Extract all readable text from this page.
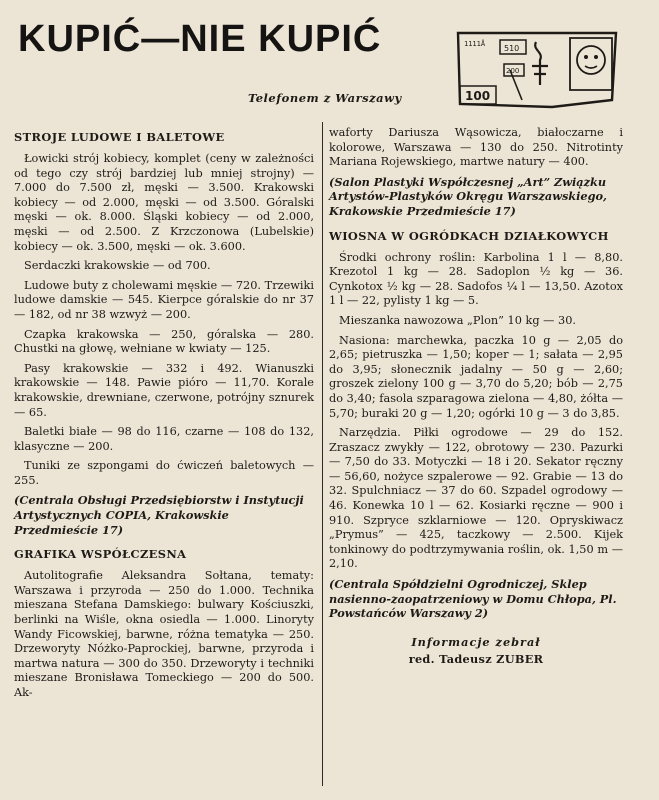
KUPIĆ—NIE KUPIĆ	1111Å 510
200
100
Telefonem z Warszawy
STROJE LUDOWE I BALETOWE

Łowicki strój kobiecy, komplet (ceny w zależności od tego czy strój bardziej lub mniej strojny) — 7.000 do 7.500 zł, męski — 3.500. Krakowski kobiecy — od 2.000, męski — od 3.500. Góralski męski — ok. 8.000. Śląski kobiecy — od 2.000, męski — od 2.500. Z Krzczonowa (Lubelskie) kobiecy — ok. 3.500, męski — ok. 3.600.

Serdaczki krakowskie — od 700.

Ludowe buty z cholewami męskie — 720. Trzewiki ludowe damskie — 545. Kierpce góralskie do nr 37 — 182, od nr 38 wzwyż — 200.

Czapka krakowska — 250, góralska — 280. Chustki na głowę, wełniane w kwiaty — 125.

Pasy krakowskie — 332 i 492. Wianuszki krakowskie — 148. Pawie pióro — 11,70. Korale krakowskie, drewniane, czerwone, potrójny sznurek — 65.

Baletki białe — 98 do 116, czarne — 108 do 132, klasyczne — 200.

Tuniki ze szpongami do ćwiczeń baletowych — 255.

(Centrala Obsługi Przedsiębiorstw i Instytucji Artystycznych COPIA, Krakowskie Przedmieście 17)

GRAFIKA WSPÓŁCZESNA

Autolitografie Aleksandra Sołtana, tematy: Warszawa i przyroda — 250 do 1.000. Technika mieszana Stefana Damskiego: bulwary Kościuszki, berlinki na Wiśle, okna osiedla — 1.000. Linoryty Wandy Ficowskiej, barwne, różna tematyka — 250. Drzeworyty Nóżko-Paprockiej, barwne, przyroda i martwa natura — 300 do 350. Drzeworyty i techniki mieszane Bronisława Tomeckiego — 200 do 500. Ak-

waforty Dariusza Wąsowicza, białoczarne i kolorowe, Warszawa — 130 do 250. Nitrotinty Mariana Rojewskiego, martwe natury — 400.

(Salon Plastyki Współczesnej „Art” Związku Artystów-Plastyków Okręgu Warszawskiego, Krakowskie Przedmieście 17)

WIOSNA W OGRÓDKACH DZIAŁKOWYCH

Środki ochrony roślin: Karbolina 1 l — 8,80. Krezotol 1 kg — 28. Sadoplon ½ kg — 36. Cynkotox ½ kg — 28. Sadofos ¼ l — 13,50. Azotox 1 l — 22, pylisty 1 kg — 5.

Mieszanka nawozowa „Plon” 10 kg — 30.

Nasiona: marchewka, paczka 10 g — 2,05 do 2,65; pietruszka — 1,50; koper — 1; sałata — 2,95 do 3,95; słonecznik jadalny — 50 g — 2,60; groszek zielony 100 g — 3,70 do 5,20; bób — 2,75 do 3,40; fasola szparagowa zielona — 4,80, żółta — 5,70; buraki 20 g — 1,20; ogórki 10 g — 3 do 3,85.

Narzędzia. Piłki ogrodowe — 29 do 152. Zraszacz zwykły — 122, obrotowy — 230. Pazurki — 7,50 do 33. Motyczki — 18 i 20. Sekator ręczny — 56,60, nożyce szpalerowe — 92. Grabie — 13 do 32. Spulchniacz — 37 do 60. Szpadel ogrodowy — 46. Konewka 10 l — 62. Kosiarki ręczne — 900 i 910. Szpryce szklarniowe — 120. Opryskiwacz „Prymus” — 425, taczkowy — 2.500. Kijek tonkinowy do podtrzymywania roślin, ok. 1,50 m — 2,10.

(Centrala Spółdzielni Ogrodniczej, Sklep nasienno-zaopatrzeniowy w Domu Chłopa, Pl. Powstańców Warszawy 2)

Informacje zebrał
red. Tadeusz ZUBER
